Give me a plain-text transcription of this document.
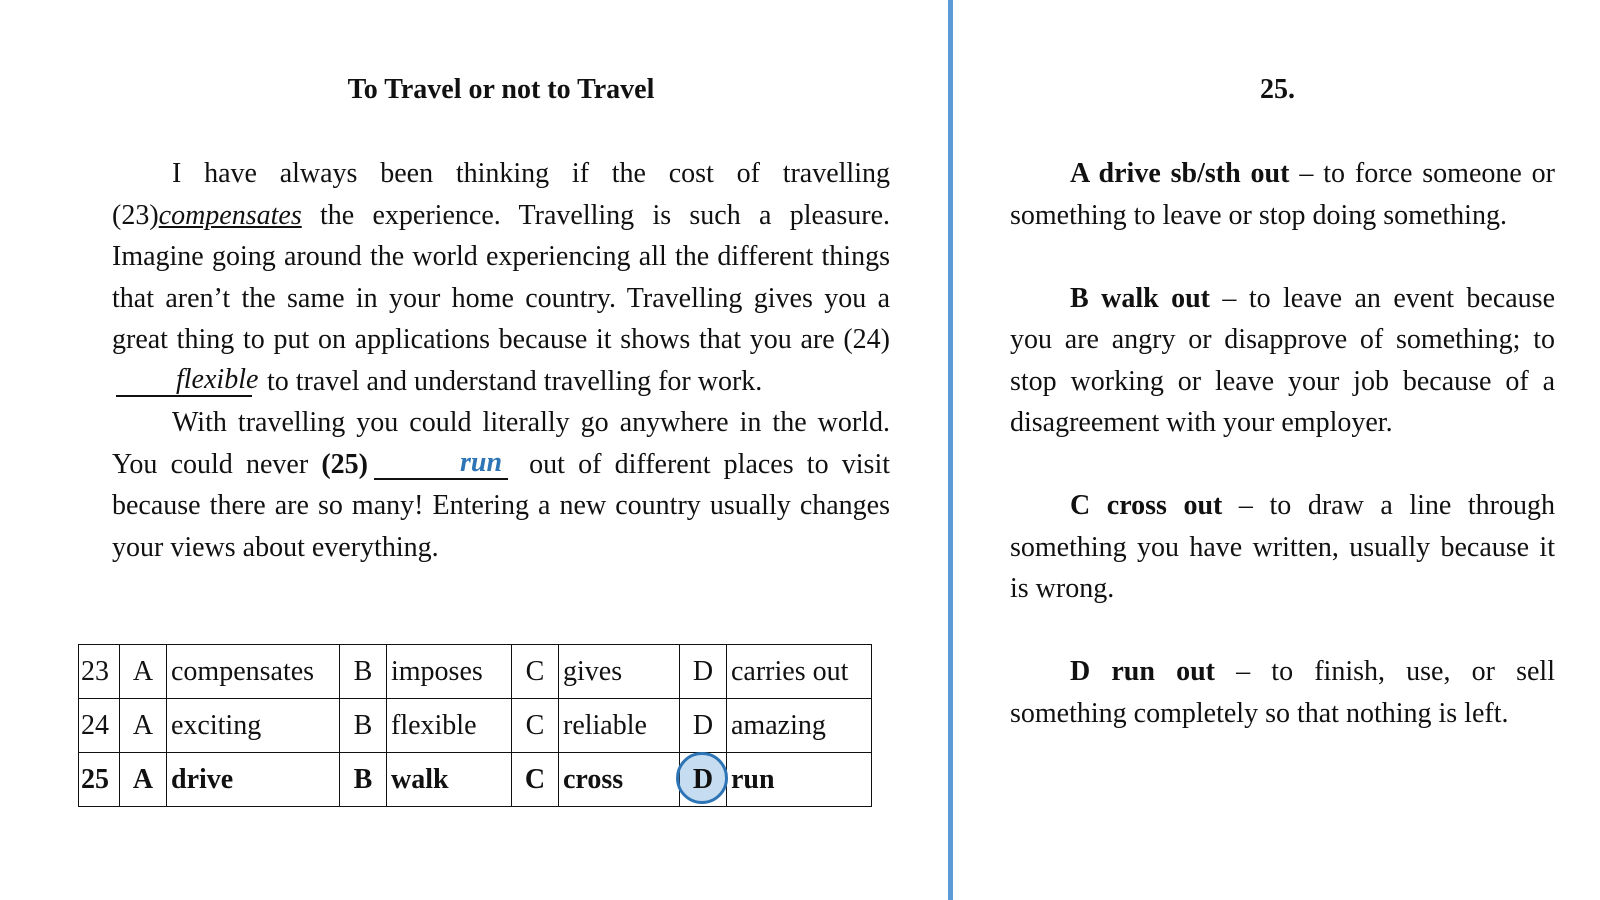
To Travel or not to Travel

I have always been thinking if the cost of travelling (23)compensates the experience. Travelling is such a pleasure. Imagine going around the world experiencing all the different things that aren’t the same in your home country. Travelling gives you a great thing to put on applications because it shows that you are (24) flexible to travel and understand travelling for work.

With travelling you could literally go anywhere in the world. You could never (25)	run out of different places to visit because there are so many! Entering a new country usually changes your views about everything.

23	A	compensates	B	imposes	C	gives	D	carries out
24	A	exciting	B	flexible	C	reliable	D	amazing
25	A	drive	B	walk	C	cross	D	run
25.

A drive sb/sth out – to force someone or something to leave or stop doing something.

B walk out – to leave an event because you are angry or disapprove of something; to stop working or leave your job because of a disagreement with your employer.

C cross out – to draw a line through something you have written, usually because it is wrong.

D run out – to finish, use, or sell something completely so that nothing is left.
